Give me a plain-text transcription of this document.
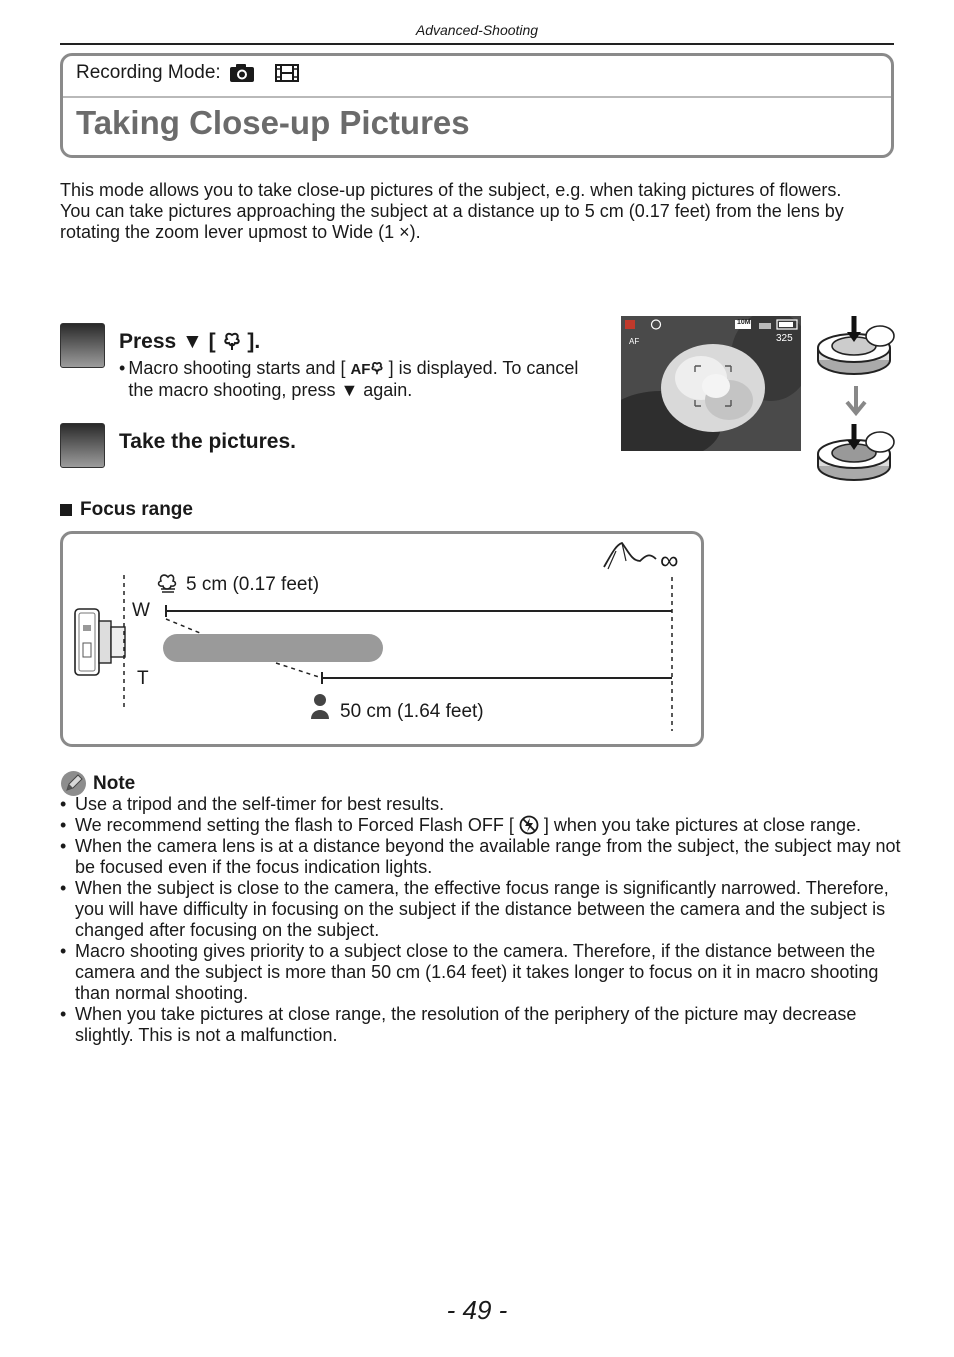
Advanced-Shooting
Recording Mode:
Taking Close-up Pictures

This mode allows you to take close-up pictures of the subject, e.g. when taking pictures of flowers.

You can take pictures approaching the subject at a distance up to 5 cm (0.17 feet) from the lens by rotating the zoom lever upmost to Wide (1 ×).

Press ▼ [ ].
• Macro shooting starts and [ AF ] is displayed. To cancel the macro shooting, press ▼ again.
Take the pictures.
AF
10M
325
Focus range
W
T
5 cm (0.17 feet)
50 cm (1.64 feet)
∞
Note
• Use a tripod and the self-timer for best results.
• We recommend setting the flash to Forced Flash OFF [ ] when you take pictures at close range.
• When the camera lens is at a distance beyond the available range from the subject, the subject may not be focused even if the focus indication lights.
• When the subject is close to the camera, the effective focus range is significantly narrowed. Therefore, you will have difficulty in focusing on the subject if the distance between the camera and the subject is changed after focusing on the subject.
• Macro shooting gives priority to a subject close to the camera. Therefore, if the distance between the camera and the subject is more than 50 cm (1.64 feet) it takes longer to focus on it in macro shooting than normal shooting.
• When you take pictures at close range, the resolution of the periphery of the picture may decrease slightly. This is not a malfunction.
- 49 -
